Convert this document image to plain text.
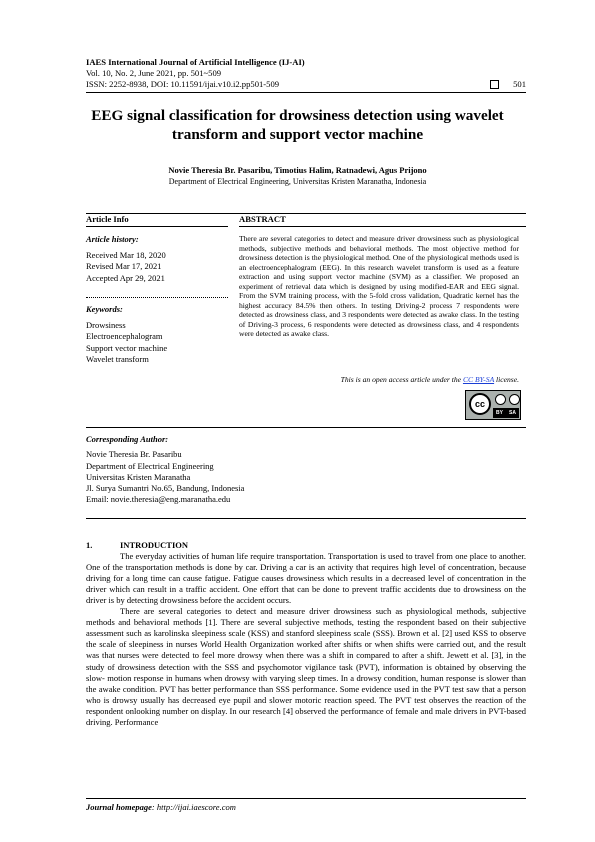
IAES International Journal of Artificial Intelligence (IJ-AI)
Vol. 10, No. 2, June 2021, pp. 501~509
ISSN: 2252-8938, DOI: 10.11591/ijai.v10.i2.pp501-509	501
EEG signal classification for drowsiness detection using wavelet transform and support vector machine
Novie Theresia Br. Pasaribu, Timotius Halim, Ratnadewi, Agus Prijono
Department of Electrical Engineering, Universitas Kristen Maranatha, Indonesia
Article Info	ABSTRACT
Article history:
Received Mar 18, 2020
Revised Mar 17, 2021
Accepted Apr 29, 2021
Keywords:
Drowsiness
Electroencephalogram
Support vector machine
Wavelet transform
There are several categories to detect and measure driver drowsiness such as physiological methods, subjective methods and behavioral methods. The most objective method for drowsiness detection is the physiological method. One of the physiological methods used is an electroencephalogram (EEG). In this research wavelet transform is used as a feature extraction and using support vector machine (SVM) as a classifier. We proposed an experiment of retrieval data which is designed by using modified-EAR and EEG signal. From the SVM training process, with the 5-fold cross validation, Quadratic kernel has the highest accuracy 84.5% then others. In testing Driving-2 process 7 respondents were detected as drowsiness class, and 3 respondents were detected as awake class. In the testing of Driving-3 process, 6 respondents were detected as drowsiness class, and 4 respondents were detected as awake class.
This is an open access article under the CC BY-SA license.
cc
BY SA
Corresponding Author:
Novie Theresia Br. Pasaribu
Department of Electrical Engineering
Universitas Kristen Maranatha
Jl. Surya Sumantri No.65, Bandung, Indonesia
Email: novie.theresia@eng.maranatha.edu
1.	INTRODUCTION

The everyday activities of human life require transportation. Transportation is used to travel from one place to another. One of the transportation methods is done by car. Driving a car is an activity that requires high level of concentration, because driving for a long time can cause fatigue. Fatigue causes drowsiness which results in a decreased level of concentration in the driver which can result in a traffic accident. One effort that can be done to prevent traffic accidents due to drowsiness on the driver is by detecting drowsiness before the accident occurs.

There are several categories to detect and measure driver drowsiness such as physiological methods, subjective methods and behavioral methods [1]. There are several subjective methods, testing the respondent based on their subjective assessment such as karolinska sleepiness scale (KSS) and stanford sleepiness scale (SSS). Brown et al. [2] used KSS to observe the scale of sleepiness in nurses World Health Organization worked after shifts or when shifts were carried out, and the result was that nurses were detected to feel more drowsy when there was a shift in compared to after a shift. Jewett et al. [3], in the study of drowsiness detection with the SSS and psychomotor vigilance task (PVT), information is obtained by observing the slow- motion response in humans when drowsy with varying sleep times. In a drowsy condition, human response is slower than the awake condition. PVT has better performance than SSS performance. Some evidence used in the PVT test saw that a person who is drowsy usually has decreased eye pupil and slower motoric reaction speed. The PVT test observes the reaction of the respondent onlooking number on display. In our research [4] observed the performance of female and male drivers in PVT-based driving. Performance

Journal homepage: http://ijai.iaescore.com
